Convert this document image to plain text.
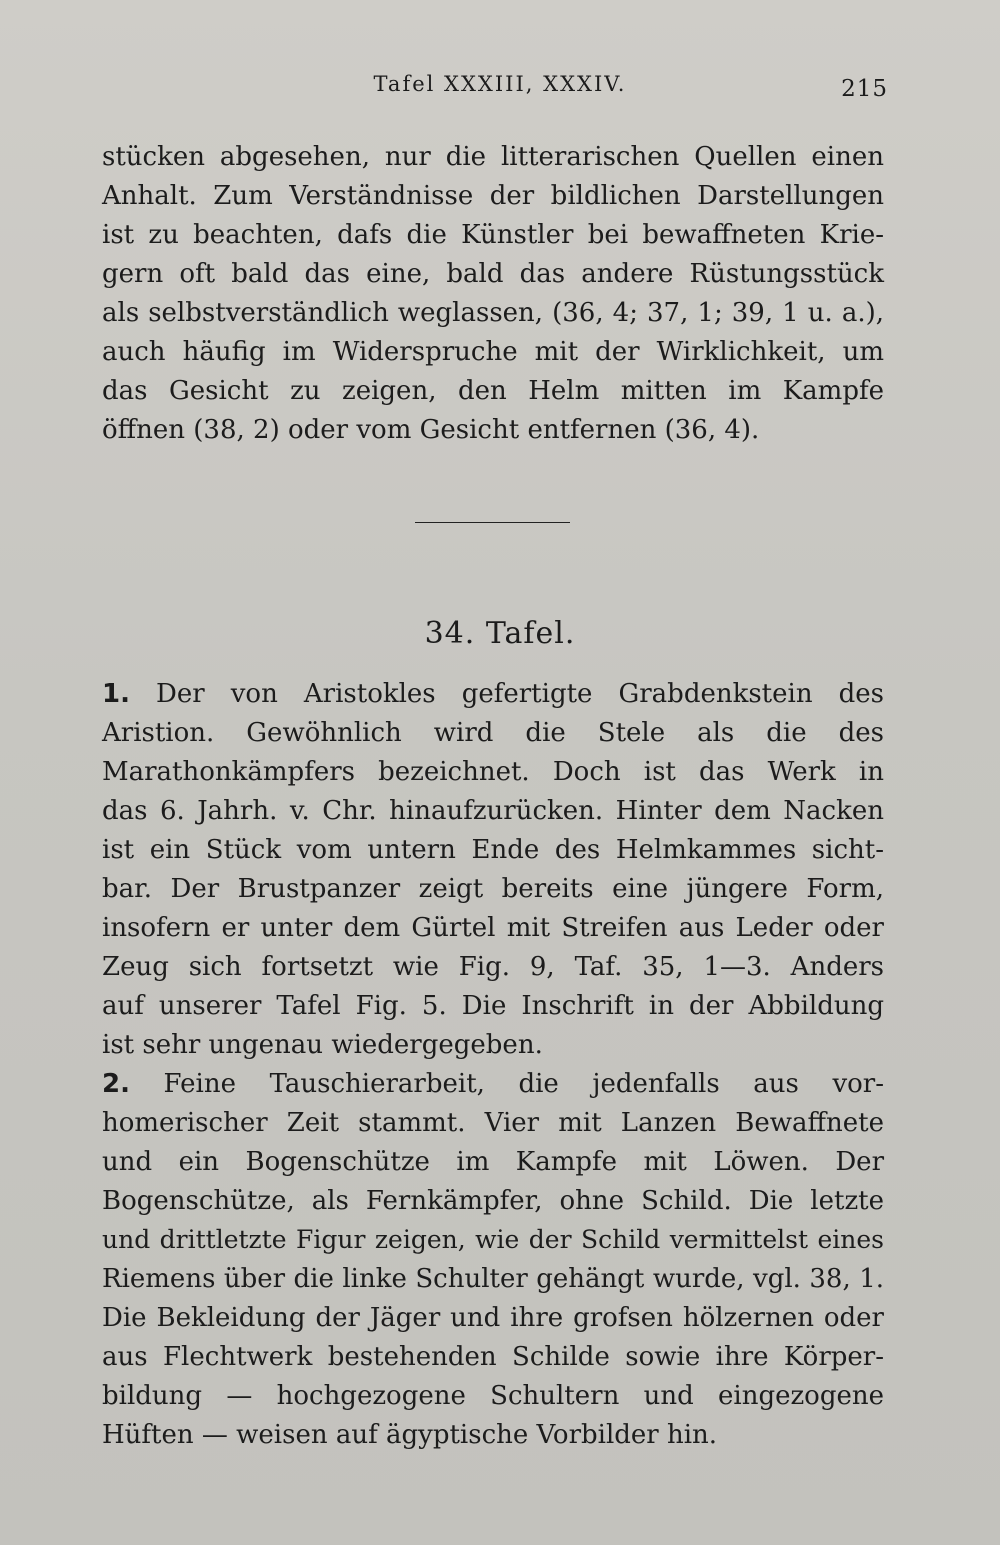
Tafel XXXIII, XXXIV.	215
stücken abgesehen, nur die litterarischen Quellen einen
Anhalt. Zum Verständnisse der bildlichen Darstellungen
ist zu beachten, dafs die Künstler bei bewaffneten Krie-
gern oft bald das eine, bald das andere Rüstungsstück
als selbstverständlich weglassen, (36, 4; 37, 1; 39, 1 u. a.),
auch häufig im Widerspruche mit der Wirklichkeit, um
das Gesicht zu zeigen, den Helm mitten im Kampfe
öffnen (38, 2) oder vom Gesicht entfernen (36, 4).
34. Tafel.
1. Der von Aristokles gefertigte Grabdenkstein des
Aristion. Gewöhnlich wird die Stele als die des
Marathonkämpfers bezeichnet. Doch ist das Werk in
das 6. Jahrh. v. Chr. hinaufzurücken. Hinter dem Nacken
ist ein Stück vom untern Ende des Helmkammes sicht-
bar. Der Brustpanzer zeigt bereits eine jüngere Form,
insofern er unter dem Gürtel mit Streifen aus Leder oder
Zeug sich fortsetzt wie Fig. 9, Taf. 35, 1—3. Anders
auf unserer Tafel Fig. 5. Die Inschrift in der Abbildung
ist sehr ungenau wiedergegeben.
2. Feine Tauschierarbeit, die jedenfalls aus vor-
homerischer Zeit stammt. Vier mit Lanzen Bewaffnete
und ein Bogenschütze im Kampfe mit Löwen. Der
Bogenschütze, als Fernkämpfer, ohne Schild. Die letzte
und drittletzte Figur zeigen, wie der Schild vermittelst eines
Riemens über die linke Schulter gehängt wurde, vgl. 38, 1.
Die Bekleidung der Jäger und ihre grofsen hölzernen oder
aus Flechtwerk bestehenden Schilde sowie ihre Körper-
bildung — hochgezogene Schultern und eingezogene
Hüften — weisen auf ägyptische Vorbilder hin.
